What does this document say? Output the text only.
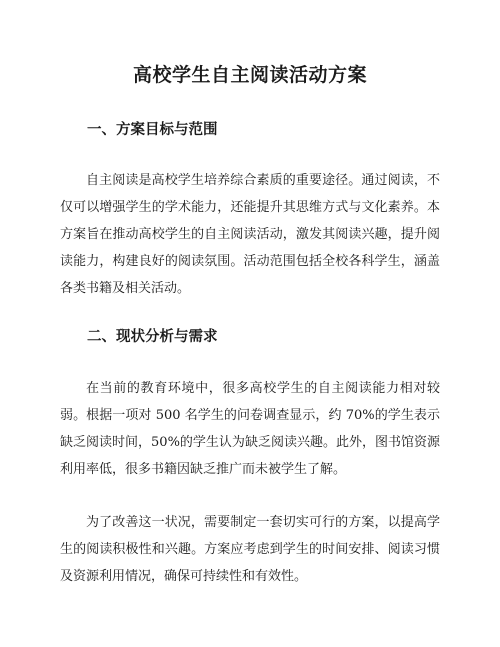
高校学生自主阅读活动方案
一、方案目标与范围

自主阅读是高校学生培养综合素质的重要途径。通过阅读，不仅可以增强学生的学术能力，还能提升其思维方式与文化素养。本方案旨在推动高校学生的自主阅读活动，激发其阅读兴趣，提升阅读能力，构建良好的阅读氛围。活动范围包括全校各科学生，涵盖各类书籍及相关活动。

二、现状分析与需求

在当前的教育环境中，很多高校学生的自主阅读能力相对较弱。根据一项对 500 名学生的问卷调查显示，约 70%的学生表示缺乏阅读时间，50%的学生认为缺乏阅读兴趣。此外，图书馆资源利用率低，很多书籍因缺乏推广而未被学生了解。

为了改善这一状况，需要制定一套切实可行的方案，以提高学生的阅读积极性和兴趣。方案应考虑到学生的时间安排、阅读习惯及资源利用情况，确保可持续性和有效性。
